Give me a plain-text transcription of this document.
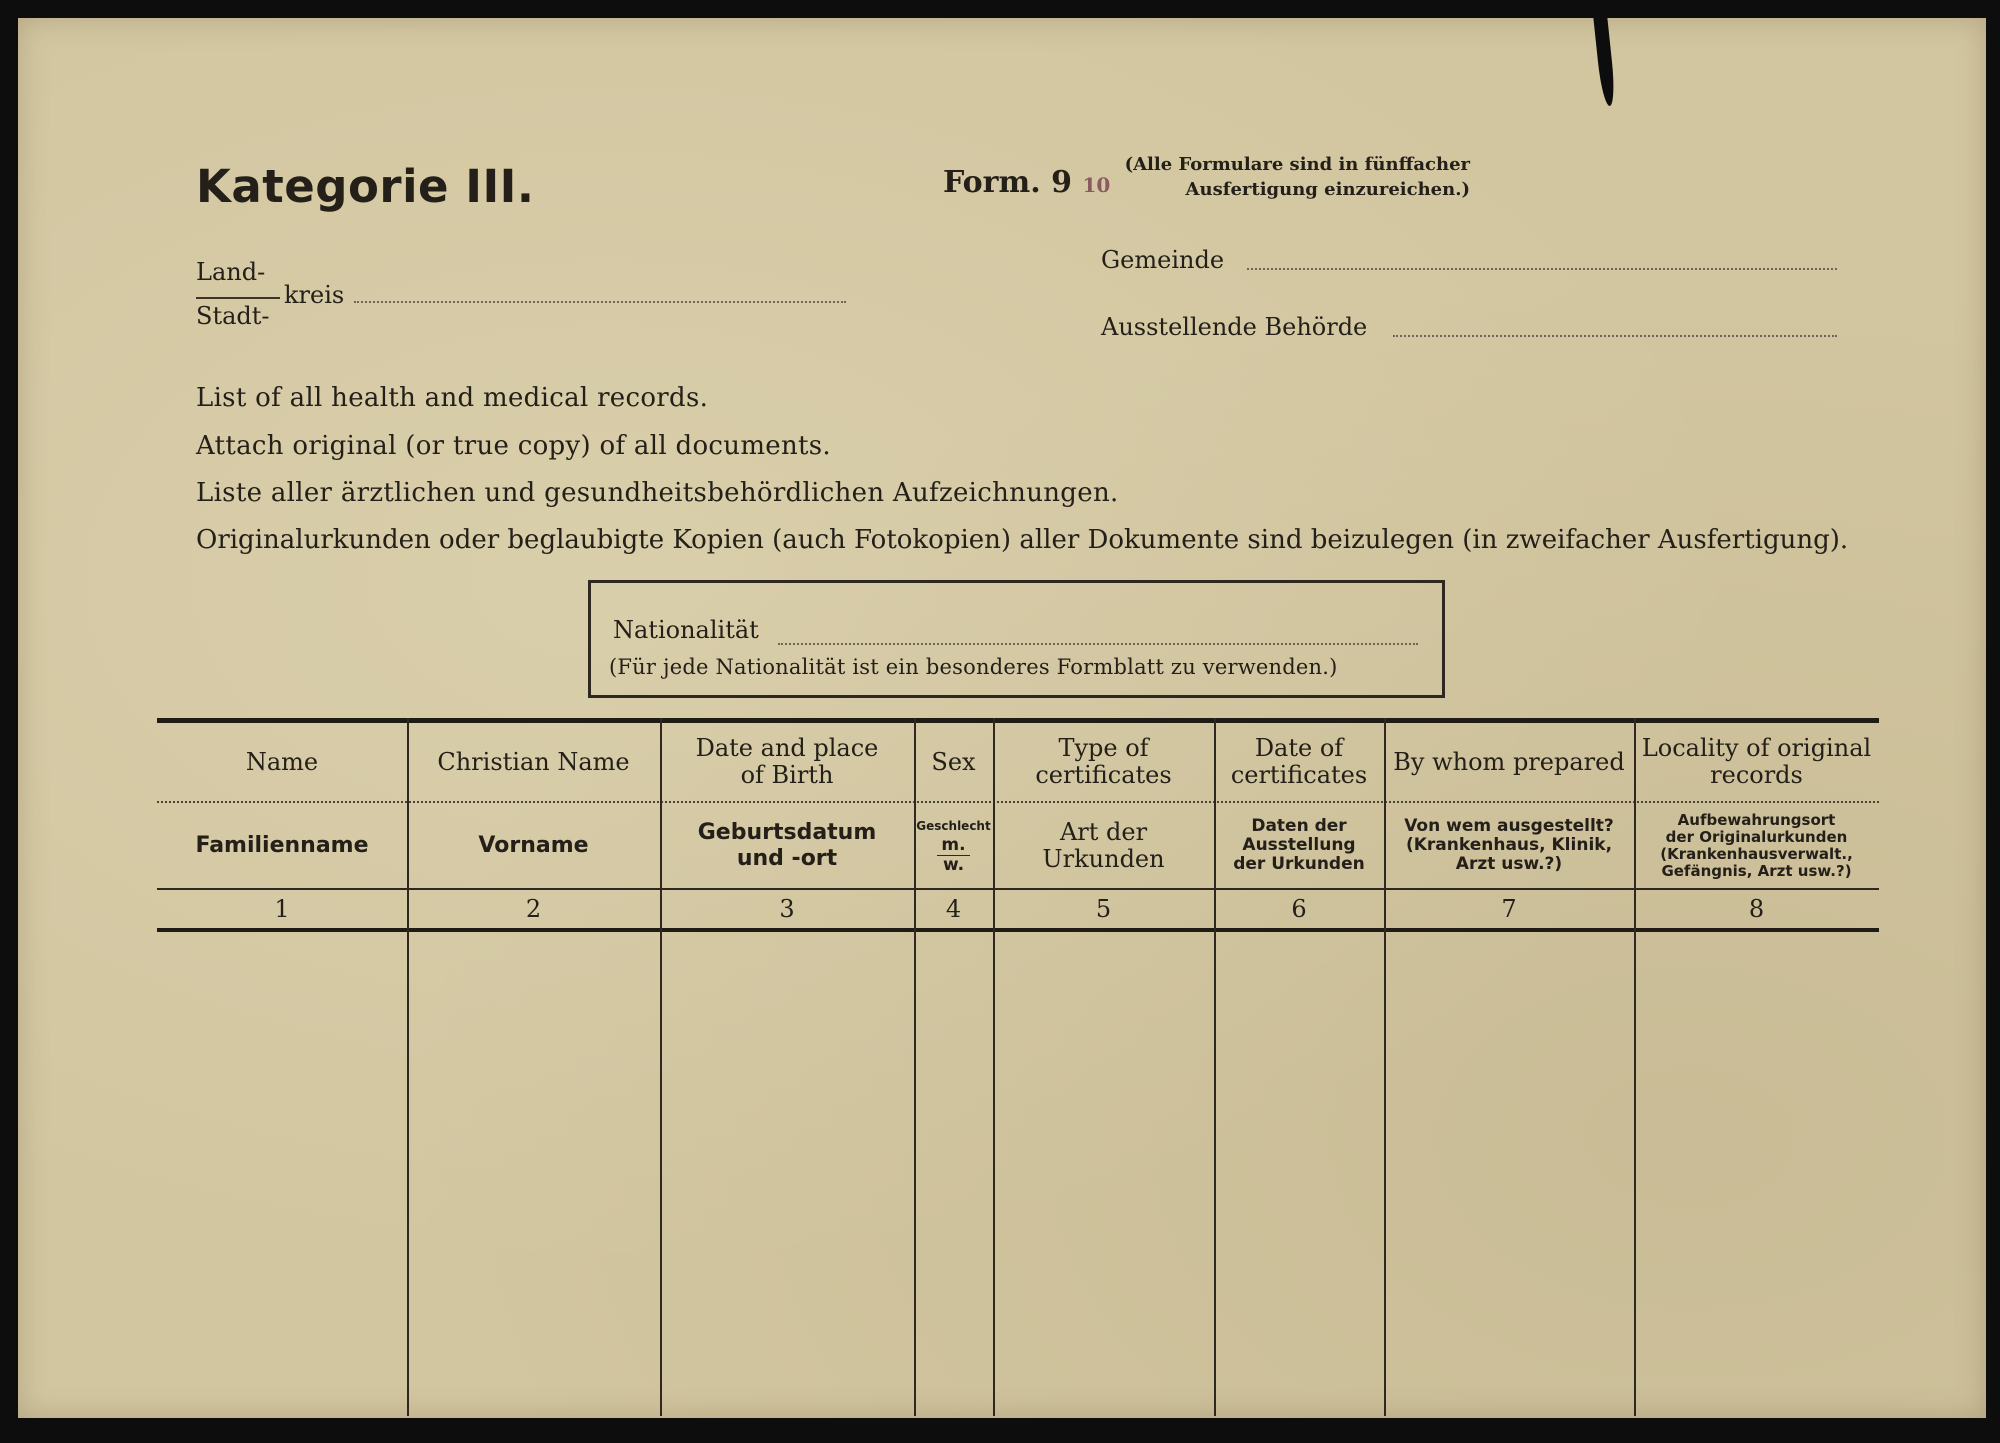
Kategorie III.	Form. 9 10
(Alle Formulare sind in fünffacher
Ausfertigung einzureichen.)
Land-
Stadt-
kreis
Gemeinde
Ausstellende Behörde
List of all health and medical records.
Attach original (or true copy) of all documents.
Liste aller ärztlichen und gesundheitsbehördlichen Aufzeichnungen.
Originalurkunden oder beglaubigte Kopien (auch Fotokopien) aller Dokumente sind beizulegen (in zweifacher Ausfertigung).
Nationalität
(Für jede Nationalität ist ein besonderes Formblatt zu verwenden.)
Name
Familienname
1
Christian Name
Vorname
2
Date and place
of Birth
Geburtsdatum
und -ort
3
Sex
Geschlecht
m.
w.
4
Type of
certificates
Art der
Urkunden
5
Date of
certificates
Daten der
Ausstellung
der Urkunden
6
By whom prepared
Von wem ausgestellt?
(Krankenhaus, Klinik,
Arzt usw.?)
7
Locality of original
records
Aufbewahrungsort
der Originalurkunden
(Krankenhausverwalt.,
Gefängnis, Arzt usw.?)
8
